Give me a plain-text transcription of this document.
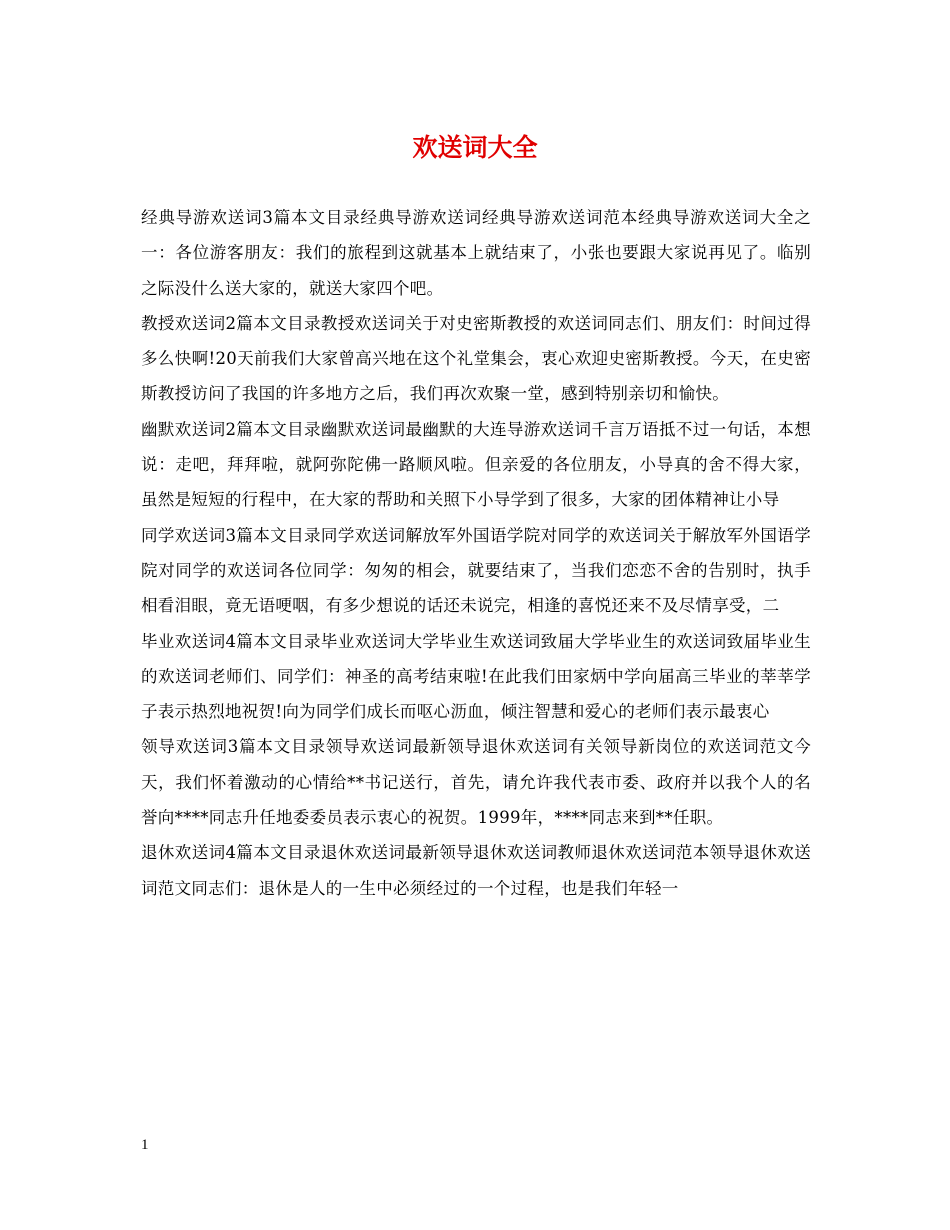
欢送词大全

经典导游欢送词3篇本文目录经典导游欢送词经典导游欢送词范本经典导游欢送词大全之一：各位游客朋友：我们的旅程到这就基本上就结束了，小张也要跟大家说再见了。临别之际没什么送大家的，就送大家四个吧。

教授欢送词2篇本文目录教授欢送词关于对史密斯教授的欢送词同志们、朋友们：时间过得多么快啊!20天前我们大家曾高兴地在这个礼堂集会，衷心欢迎史密斯教授。今天，在史密斯教授访问了我国的许多地方之后，我们再次欢聚一堂，感到特别亲切和愉快。

幽默欢送词2篇本文目录幽默欢送词最幽默的大连导游欢送词千言万语抵不过一句话，本想说：走吧，拜拜啦，就阿弥陀佛一路顺风啦。但亲爱的各位朋友，小导真的舍不得大家，虽然是短短的行程中，在大家的帮助和关照下小导学到了很多，大家的团体精神让小导

同学欢送词3篇本文目录同学欢送词解放军外国语学院对同学的欢送词关于解放军外国语学院对同学的欢送词各位同学：匆匆的相会，就要结束了，当我们恋恋不舍的告别时，执手相看泪眼，竟无语哽咽，有多少想说的话还未说完，相逢的喜悦还来不及尽情享受，二

毕业欢送词4篇本文目录毕业欢送词大学毕业生欢送词致届大学毕业生的欢送词致届毕业生的欢送词老师们、同学们：神圣的高考结束啦!在此我们田家炳中学向届高三毕业的莘莘学子表示热烈地祝贺!向为同学们成长而呕心沥血，倾注智慧和爱心的老师们表示最衷心

领导欢送词3篇本文目录领导欢送词最新领导退休欢送词有关领导新岗位的欢送词范文今天，我们怀着激动的心情给**书记送行，首先，请允许我代表市委、政府并以我个人的名誉向****同志升任地委委员表示衷心的祝贺。1999年，****同志来到**任职。

退休欢送词4篇本文目录退休欢送词最新领导退休欢送词教师退休欢送词范本领导退休欢送词范文同志们：退休是人的一生中必须经过的一个过程，也是我们年轻一

1
